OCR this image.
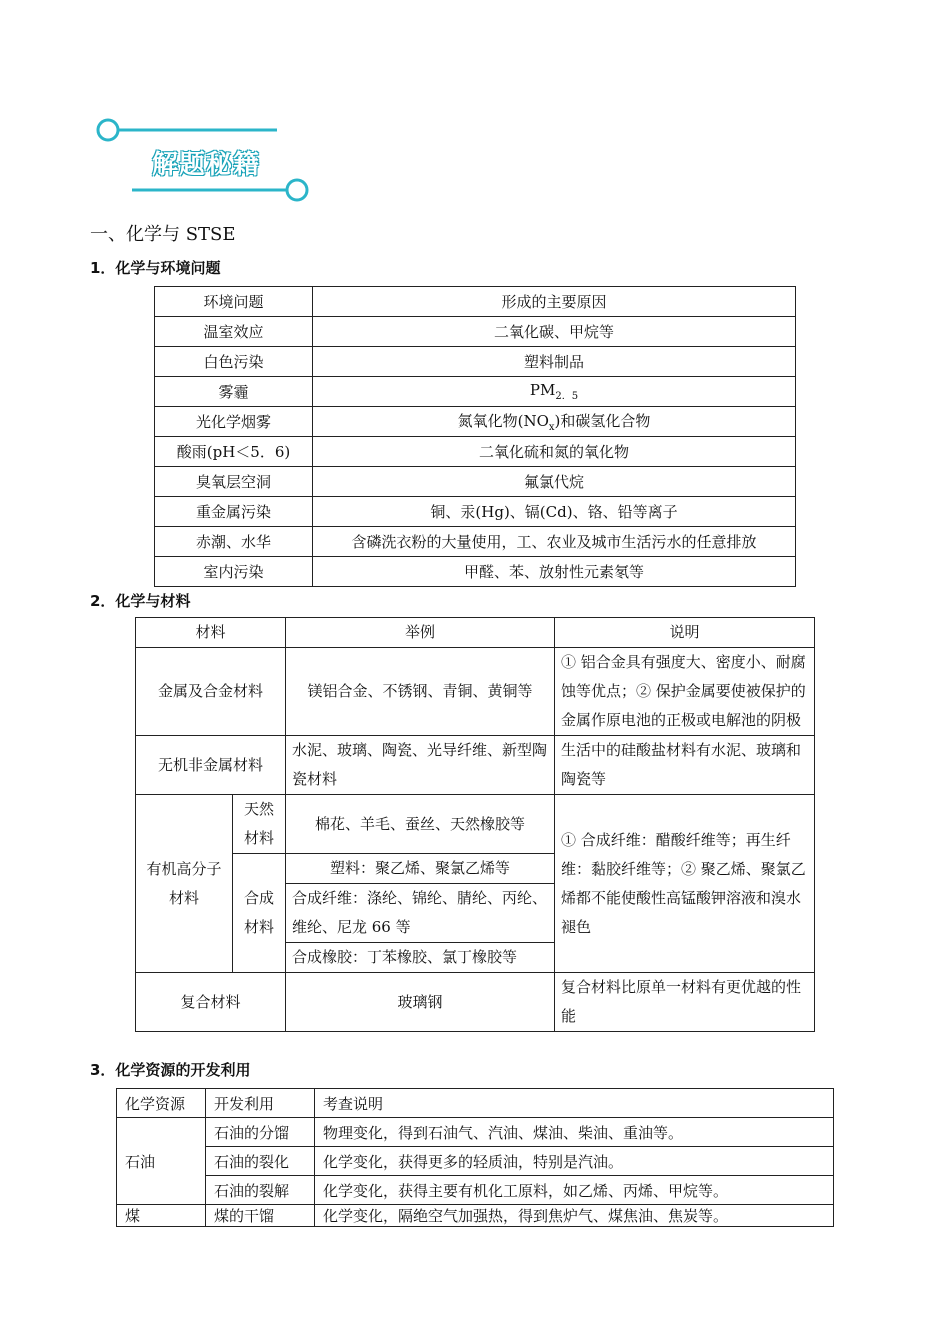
解题秘籍
一、化学与 STSE
1．化学与环境问题
环境问题	形成的主要原因
温室效应	二氧化碳、甲烷等
白色污染	塑料制品
雾霾	$PM_{2.5}$
光化学烟雾	氮氧化物$(NO_x)$和碳氢化合物
酸雨(pH＜5．6)	二氧化硫和氮的氧化物
臭氧层空洞	氟氯代烷
重金属污染	铜、汞(Hg)、镉(Cd)、铬、铅等离子
赤潮、水华	含磷洗衣粉的大量使用，工、农业及城市生活污水的任意排放
室内污染	甲醛、苯、放射性元素氡等
2．化学与材料
材料		举例	说明
金属及合金材料		镁铝合金、不锈钢、青铜、黄铜等	① 铝合金具有强度大、密度小、耐腐蚀等优点；② 保护金属要使被保护的金属作原电池的正极或电解池的阴极
无机非金属材料		水泥、玻璃、陶瓷、光导纤维、新型陶瓷材料	生活中的硅酸盐材料有水泥、玻璃和陶瓷等
有机高分子材料	天然材料	棉花、羊毛、蚕丝、天然橡胶等	① 合成纤维：醋酸纤维等；再生纤维：黏胶纤维等；② 聚乙烯、聚氯乙烯都不能使酸性高锰酸钾溶液和溴水褪色
	合成材料	塑料：聚乙烯、聚氯乙烯等	
		合成纤维：涤纶、锦纶、腈纶、丙纶、维纶、尼龙 66 等	
		合成橡胶：丁苯橡胶、氯丁橡胶等	
复合材料		玻璃钢	复合材料比原单一材料有更优越的性能
3．化学资源的开发利用
化学资源	开发利用	考查说明
石油	石油的分馏	物理变化，得到石油气、汽油、煤油、柴油、重油等。
	石油的裂化	化学变化，获得更多的轻质油，特别是汽油。
	石油的裂解	化学变化，获得主要有机化工原料，如乙烯、丙烯、甲烷等。
煤	煤的干馏	化学变化，隔绝空气加强热，得到焦炉气、煤焦油、焦炭等。
